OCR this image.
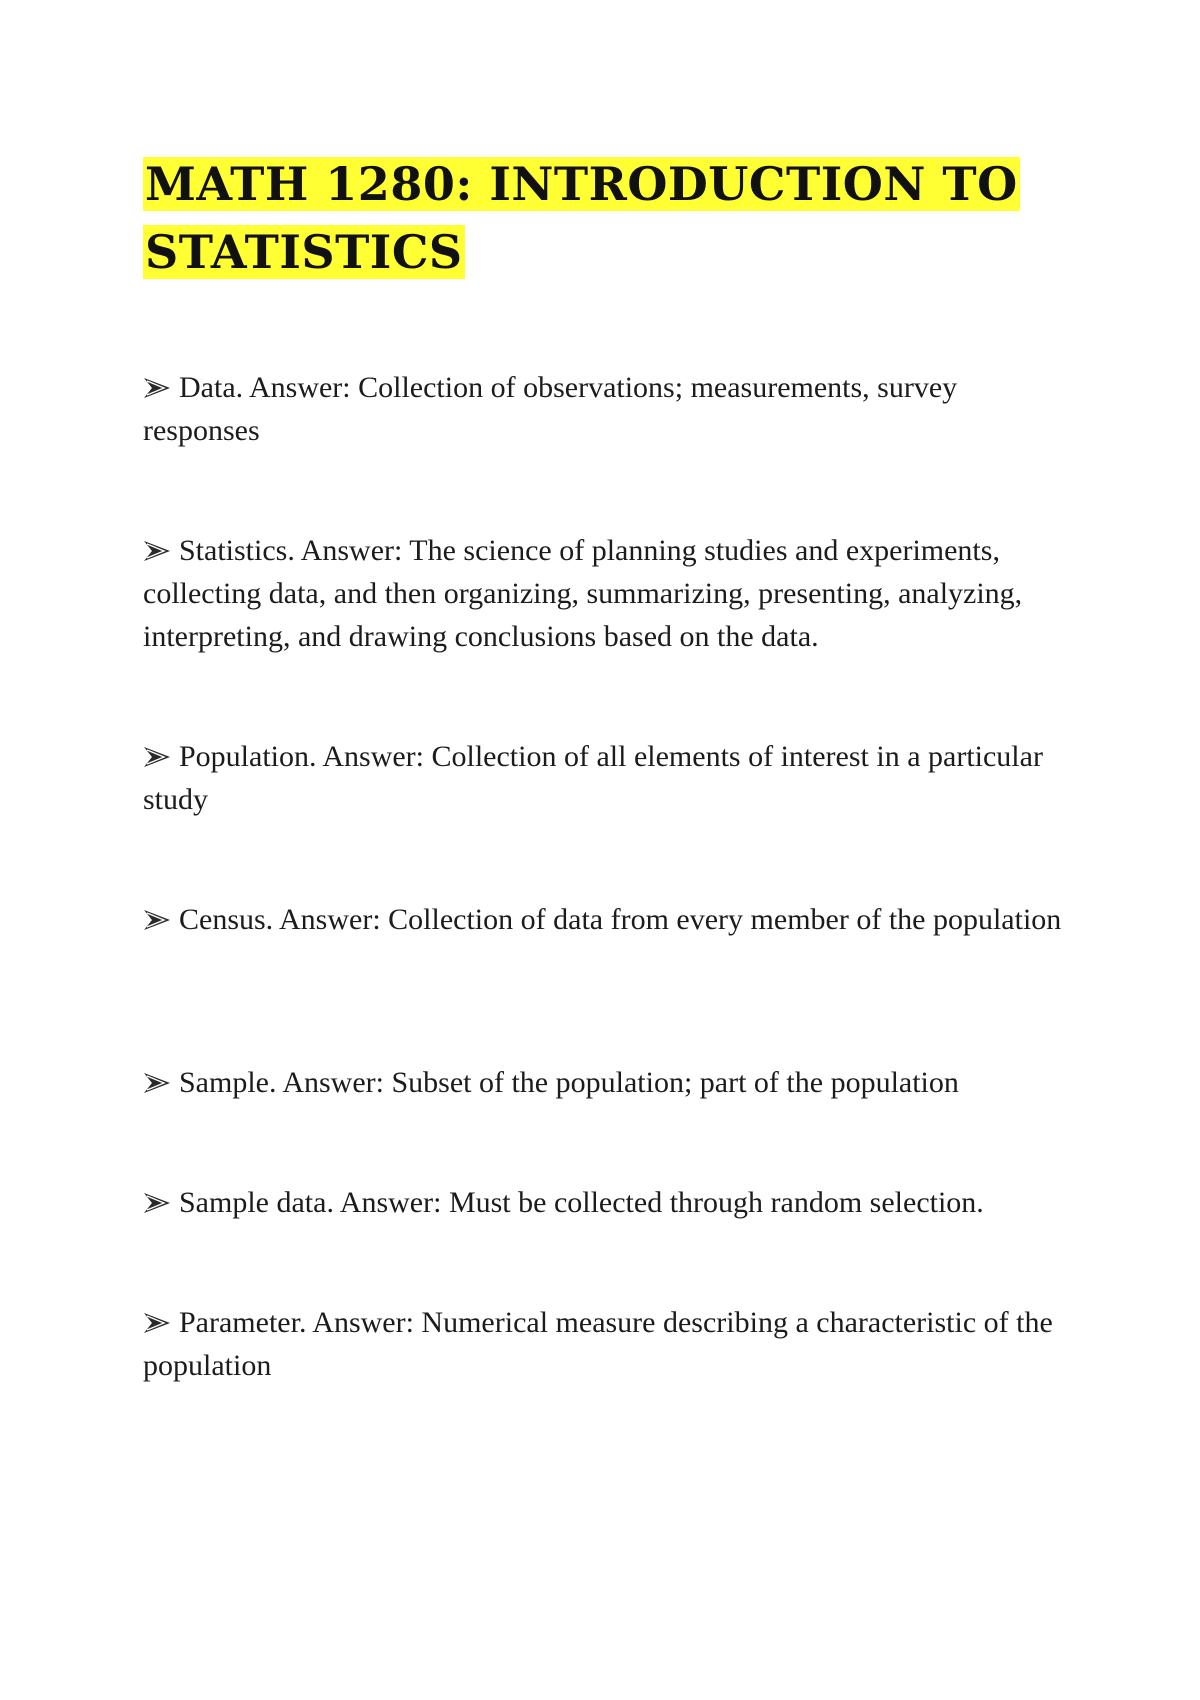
MATH 1280: INTRODUCTION TO
STATISTICS
Data. Answer: Collection of observations; measurements, survey responses
Statistics. Answer: The science of planning studies and experiments, collecting data, and then organizing, summarizing, presenting, analyzing, interpreting, and drawing conclusions based on the data.
Population. Answer: Collection of all elements of interest in a particular study
Census. Answer: Collection of data from every member of the population
Sample. Answer: Subset of the population; part of the population
Sample data. Answer: Must be collected through random selection.
Parameter. Answer: Numerical measure describing a characteristic of the population
